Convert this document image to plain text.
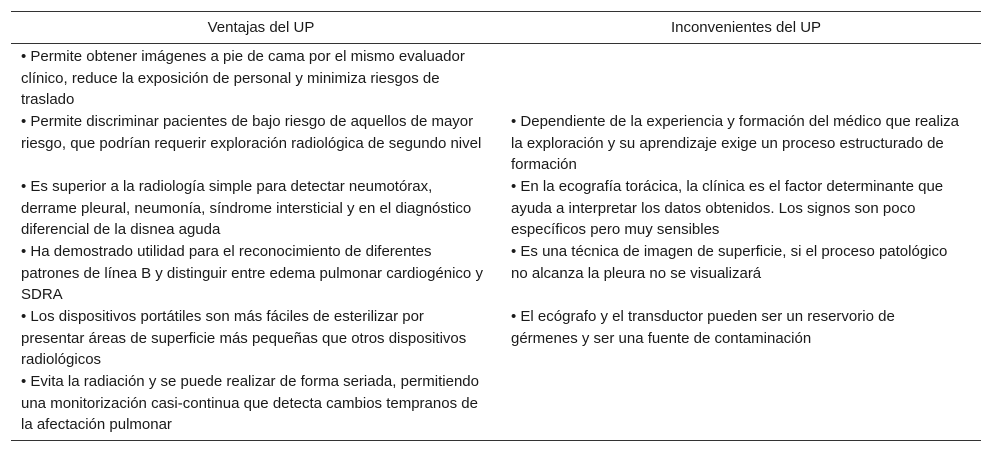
Ventajas del UP	Inconvenientes del UP
• Permite obtener imágenes a pie de cama por el mismo evaluador clínico, reduce la exposición de personal y minimiza riesgos de traslado
• Permite discriminar pacientes de bajo riesgo de aquellos de mayor riesgo, que podrían requerir exploración radiológica de segundo nivel
• Es superior a la radiología simple para detectar neumotórax, derrame pleural, neumonía, síndrome intersticial y en el diagnóstico diferencial de la disnea aguda
• Ha demostrado utilidad para el reconocimiento de diferentes patrones de línea B y distinguir entre edema pulmonar cardiogénico y SDRA
• Los dispositivos portátiles son más fáciles de esterilizar por presentar áreas de superficie más pequeñas que otros dispositivos radiológicos
• Evita la radiación y se puede realizar de forma seriada, permitiendo una monitorización casi-continua que detecta cambios tempranos de la afectación pulmonar
• Dependiente de la experiencia y formación del médico que realiza la exploración y su aprendizaje exige un proceso estructurado de formación
• En la ecografía torácica, la clínica es el factor determinante que ayuda a interpretar los datos obtenidos. Los signos son poco específicos pero muy sensibles
• Es una técnica de imagen de superficie, si el proceso patológico no alcanza la pleura no se visualizará
• El ecógrafo y el transductor pueden ser un reservorio de gérmenes y ser una fuente de contaminación
